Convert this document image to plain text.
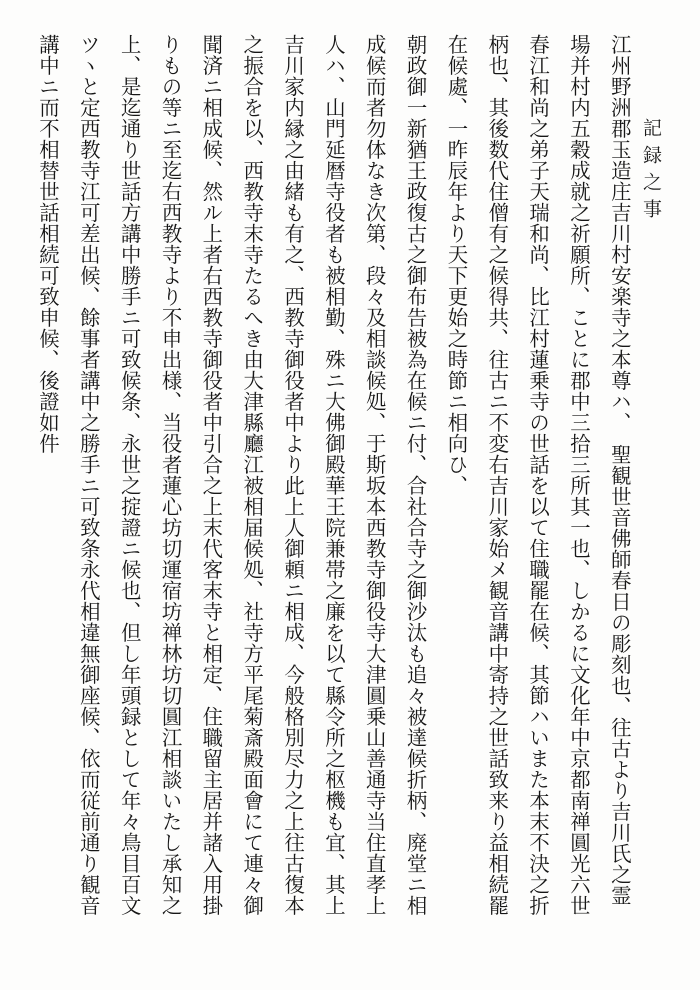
記録之事
江州野洲郡玉造庄吉川村安楽寺之本尊ハ、　聖観世音佛師春日の彫刻也、往古より吉川氏之霊
場并村内五穀成就之祈願所、ことに郡中三拾三所其一也、しかるに文化年中京都南禅圓光六世
春江和尚之弟子天瑞和尚、比江村蓮乗寺の世話を以て住職罷在候、其節ハいまた本末不決之折
柄也、其後数代住僧有之候得共、往古ニ不変右吉川家始メ観音講中寄持之世話致来り益相続罷
在候處、一昨辰年より天下更始之時節ニ相向ひ、
朝政御一新猶王政復古之御布告被為在候ニ付、合社合寺之御沙汰も追々被達候折柄、廃堂ニ相
成候而者勿体なき次第、段々及相談候処、于斯坂本西教寺御役寺大津圓乗山善通寺当住直孝上
人ハ、山門延暦寺役者も被相勤、殊ニ大佛御殿華王院兼帯之廉を以て縣令所之枢機も宜、其上
吉川家内縁之由緒も有之、西教寺御役者中より此上人御頼ニ相成、今般格別尽力之上往古復本
之振合を以、西教寺末寺たるへき由大津縣廳江被相届候処、社寺方平尾菊斎殿面會にて連々御
聞済ニ相成候、然ル上者右西教寺御役者中引合之上末代客末寺と相定、住職留主居并諸入用掛
りもの等ニ至迄右西教寺より不申出様、当役者蓮心坊切運宿坊禅林坊切圓江相談いたし承知之
上、是迄通り世話方講中勝手ニ可致候条、永世之掟證ニ候也、但し年頭録として年々鳥目百文
ツヽと定西教寺江可差出候、餘事者講中之勝手ニ可致条永代相違無御座候、依而従前通り観音
講中ニ而不相替世話相続可致申候、後證如件
